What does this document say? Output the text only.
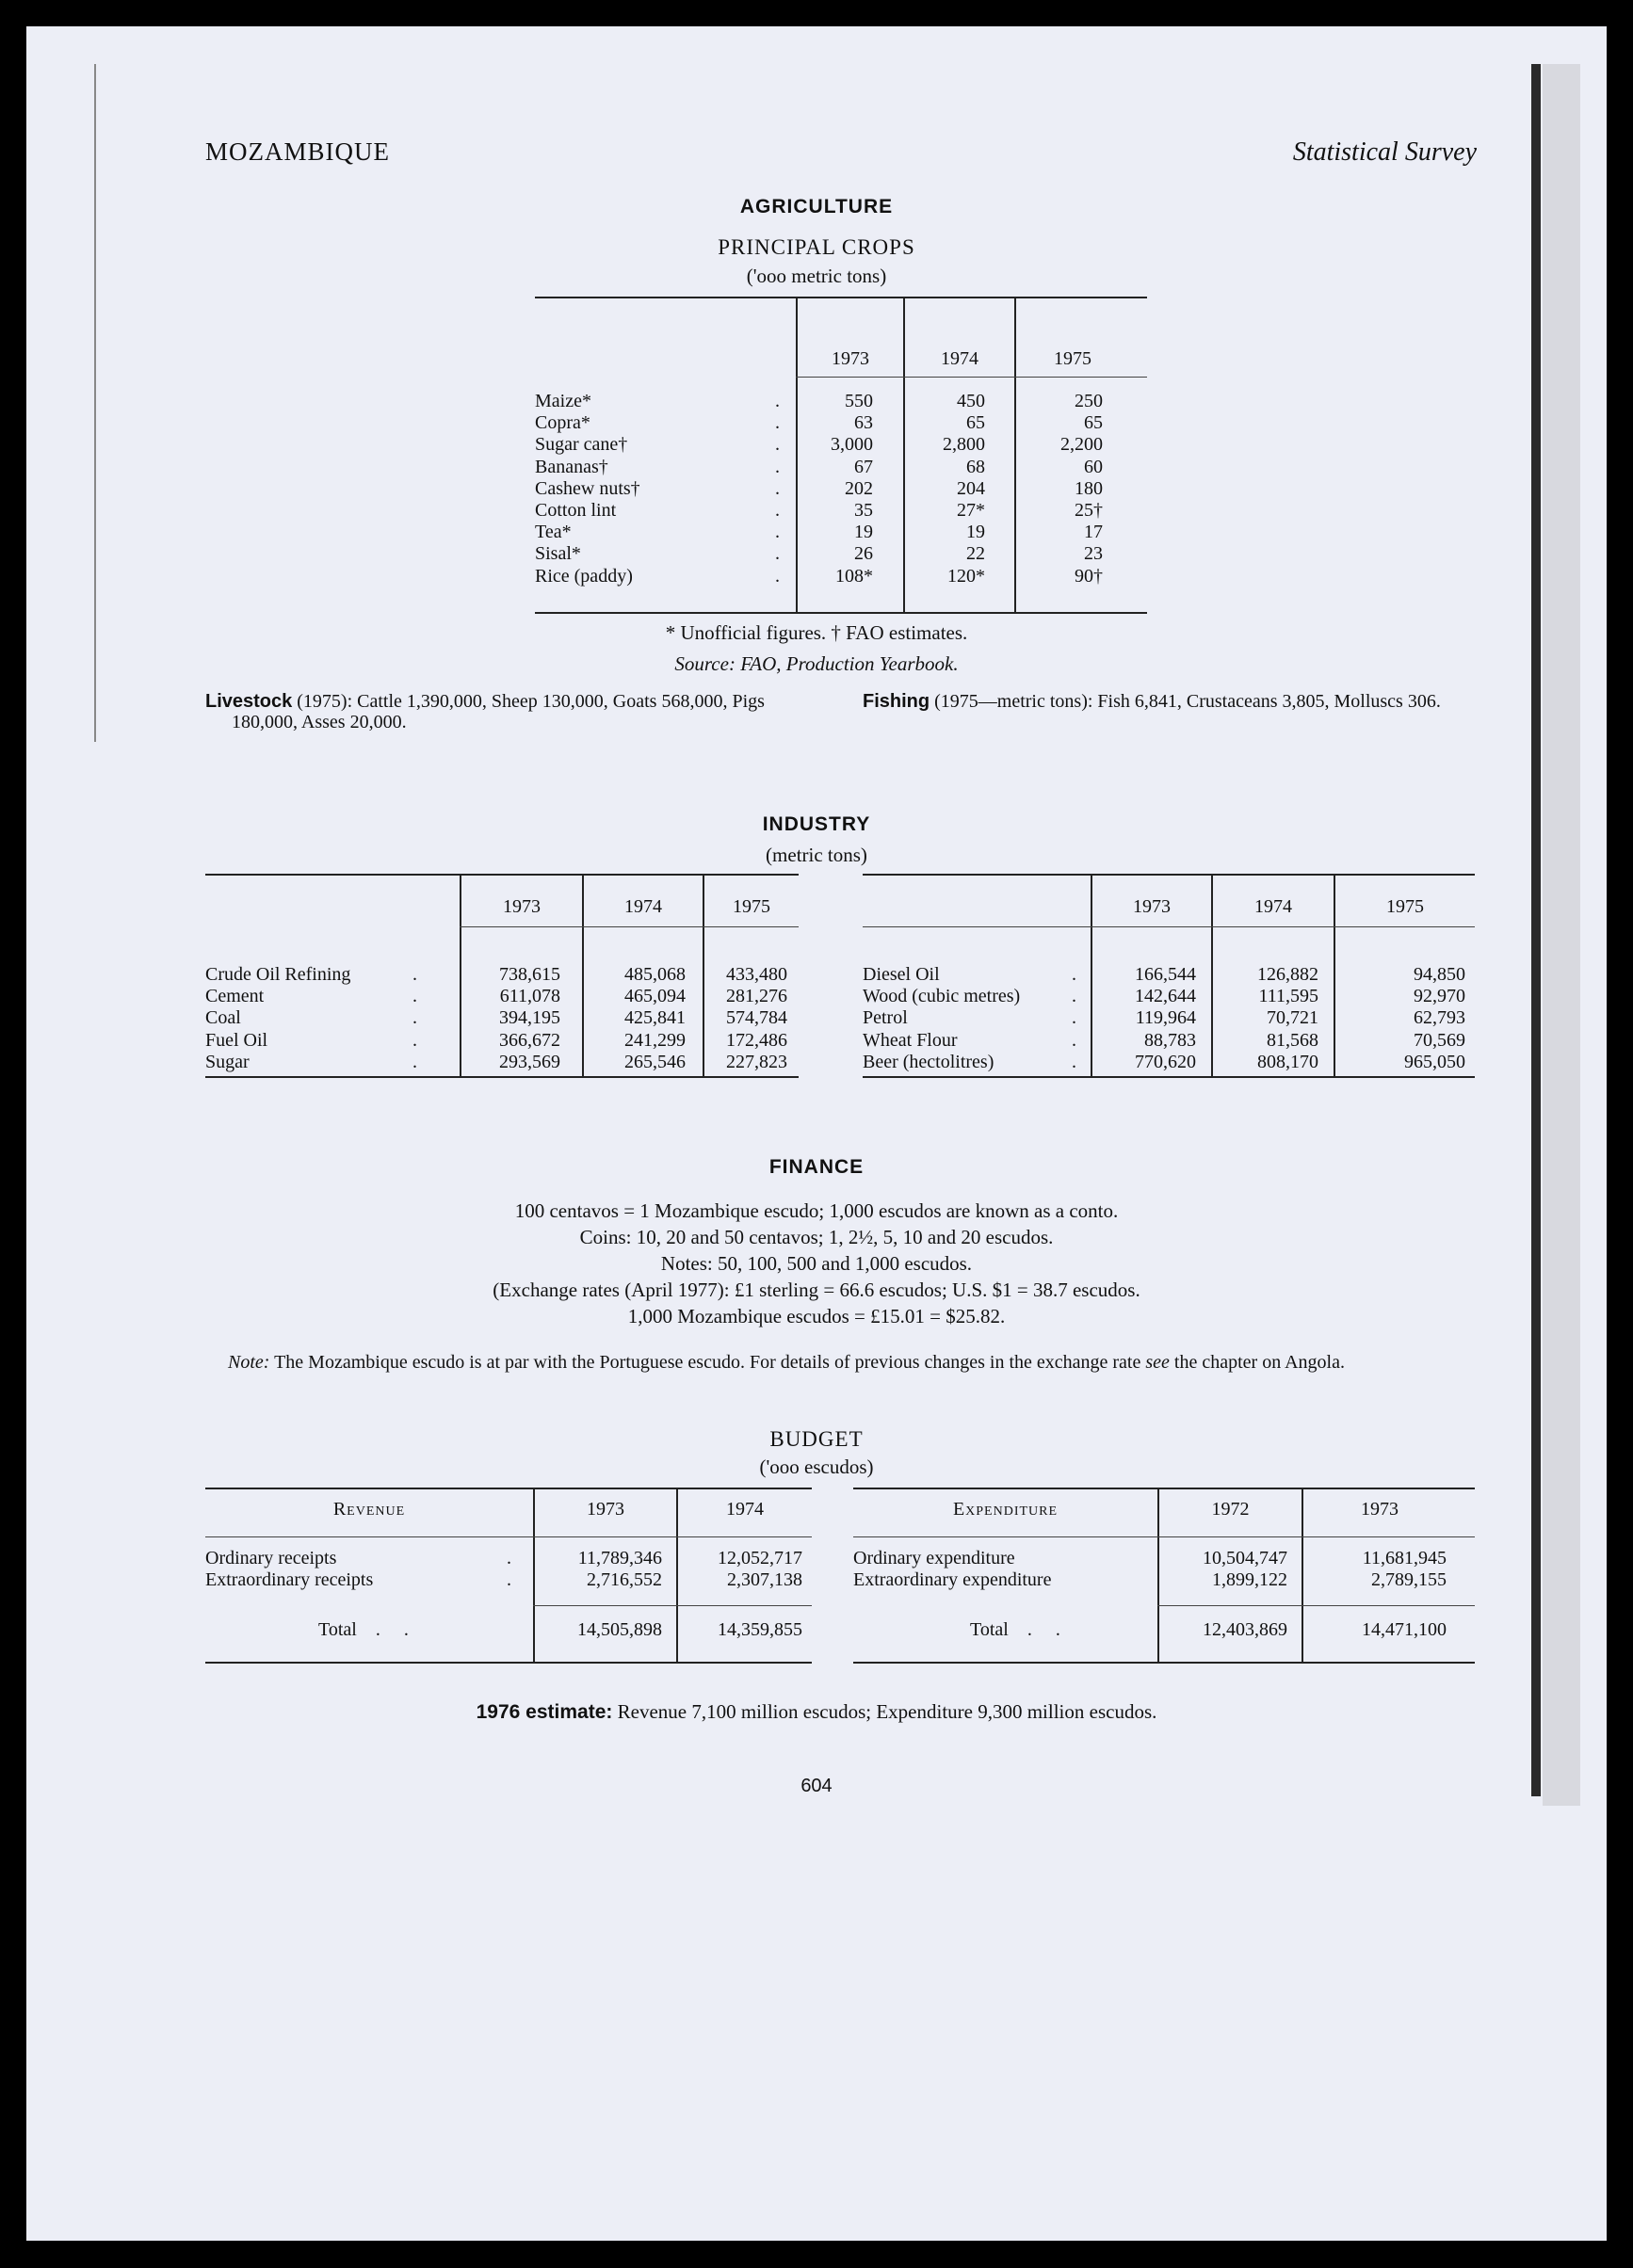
MOZAMBIQUE	Statistical Survey
AGRICULTURE
PRINCIPAL CROPS
('ooo metric tons)
1973	1974	1975
Maize*	.	550	450	250
Copra*	.	63	65	65
Sugar cane†	.	3,000	2,800	2,200
Bananas†	.	67	68	60
Cashew nuts†	.	202	204	180
Cotton lint	.	35	27*	25†
Tea*	.	19	19	17
Sisal*	.	26	22	23
Rice (paddy)	.	108*	120*	90†
* Unofficial figures. † FAO estimates.
Source: FAO, Production Yearbook.
Livestock (1975): Cattle 1,390,000, Sheep 130,000, Goats 568,000, Pigs 180,000, Asses 20,000.
Fishing (1975—metric tons): Fish 6,841, Crustaceans 3,805, Molluscs 306.
INDUSTRY
(metric tons)
1973	1974	1975
Crude Oil Refining	.	738,615	485,068	433,480
Cement	.	611,078	465,094	281,276
Coal	.	394,195	425,841	574,784
Fuel Oil	.	366,672	241,299	172,486
Sugar	.	293,569	265,546	227,823
1973	1974	1975
Diesel Oil	.	166,544	126,882	94,850
Wood (cubic metres)	.	142,644	111,595	92,970
Petrol	.	119,964	70,721	62,793
Wheat Flour	.	88,783	81,568	70,569
Beer (hectolitres)	.	770,620	808,170	965,050
FINANCE
100 centavos = 1 Mozambique escudo; 1,000 escudos are known as a conto.
Coins: 10, 20 and 50 centavos; 1, 2½, 5, 10 and 20 escudos.
Notes: 50, 100, 500 and 1,000 escudos.
(Exchange rates (April 1977): £1 sterling = 66.6 escudos; U.S. $1 = 38.7 escudos.
1,000 Mozambique escudos = £15.01 = $25.82.
Note: The Mozambique escudo is at par with the Portuguese escudo. For details of previous changes in the exchange rate see the chapter on Angola.
BUDGET
('ooo escudos)
Revenue	1973	1974
Ordinary receipts	.	11,789,346	12,052,717
Extraordinary receipts	.	2,716,552	2,307,138
Total    .     .	14,505,898	14,359,855
Expenditure	1972	1973
Ordinary expenditure	10,504,747	11,681,945
Extraordinary expenditure	1,899,122	2,789,155
Total    .     .	12,403,869	14,471,100
1976 estimate: Revenue 7,100 million escudos; Expenditure 9,300 million escudos.
604
